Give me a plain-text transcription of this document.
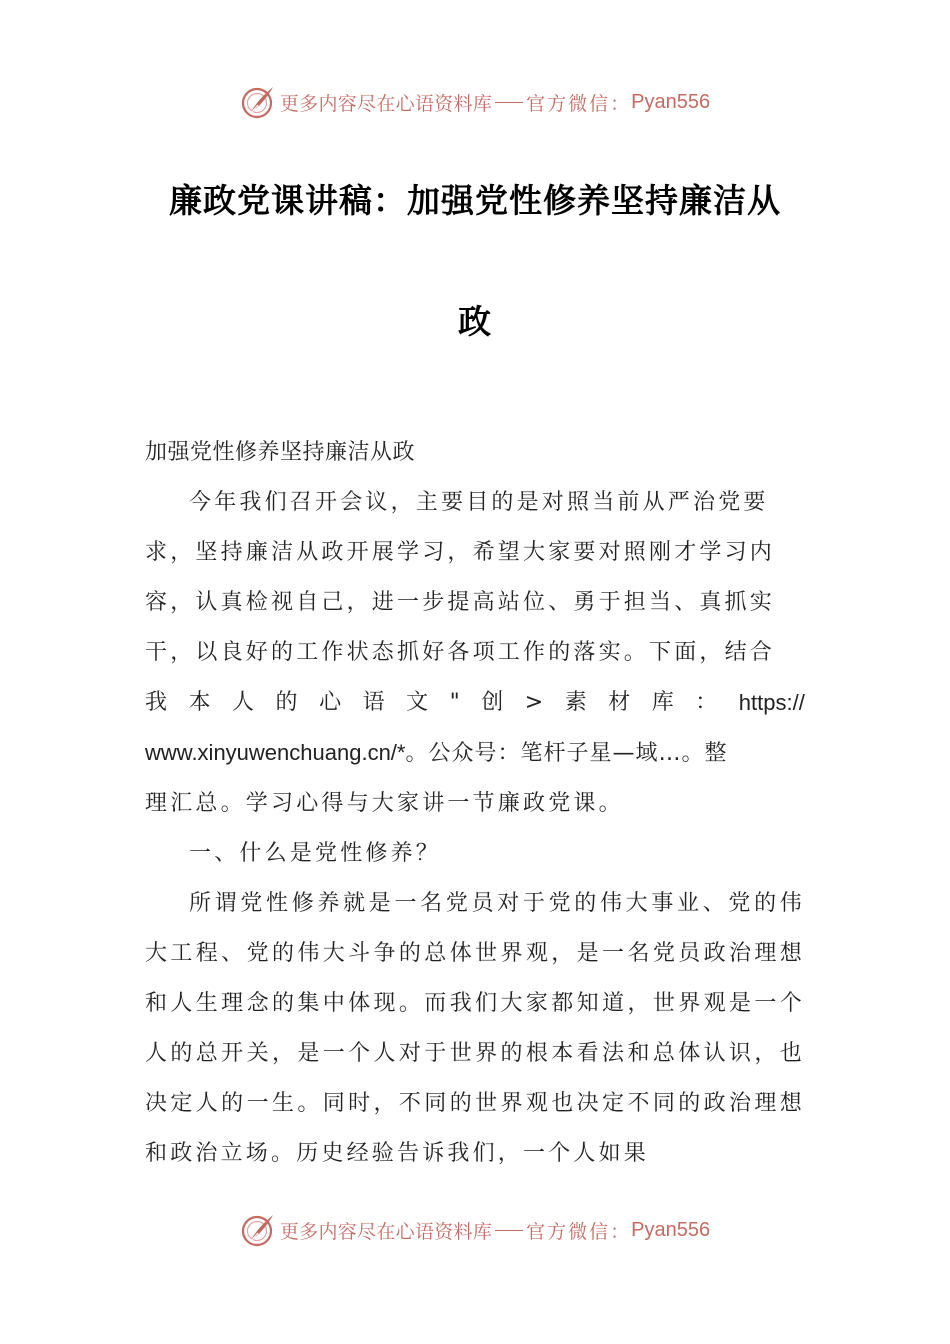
更多内容尽在心语资料库 官方微信： Pyan556
廉政党课讲稿：加强党性修养坚持廉洁从
政

加强党性修养坚持廉洁从政

今年我们召开会议，主要目的是对照当前从严治党要

求，坚持廉洁从政开展学习，希望大家要对照刚才学习内

容，认真检视自己，进一步提高站位、勇于担当、真抓实

干，以良好的工作状态抓好各项工作的落实。下面，结合

我 本 人 的 心 语 文 " 创 > 素 材 库 ： https://

www.xinyuwenchuang.cn/*。公众号：笔杆子星—域…。整

理汇总。学习心得与大家讲一节廉政党课。

一、什么是党性修养？

所谓党性修养就是一名党员对于党的伟大事业、党的伟大工程、党的伟大斗争的总体世界观，是一名党员政治理想和人生理念的集中体现。而我们大家都知道，世界观是一个人的总开关，是一个人对于世界的根本看法和总体认识，也决定人的一生。同时，不同的世界观也决定不同的政治理想和政治立场。历史经验告诉我们，一个人如果

更多内容尽在心语资料库 官方微信： Pyan556
